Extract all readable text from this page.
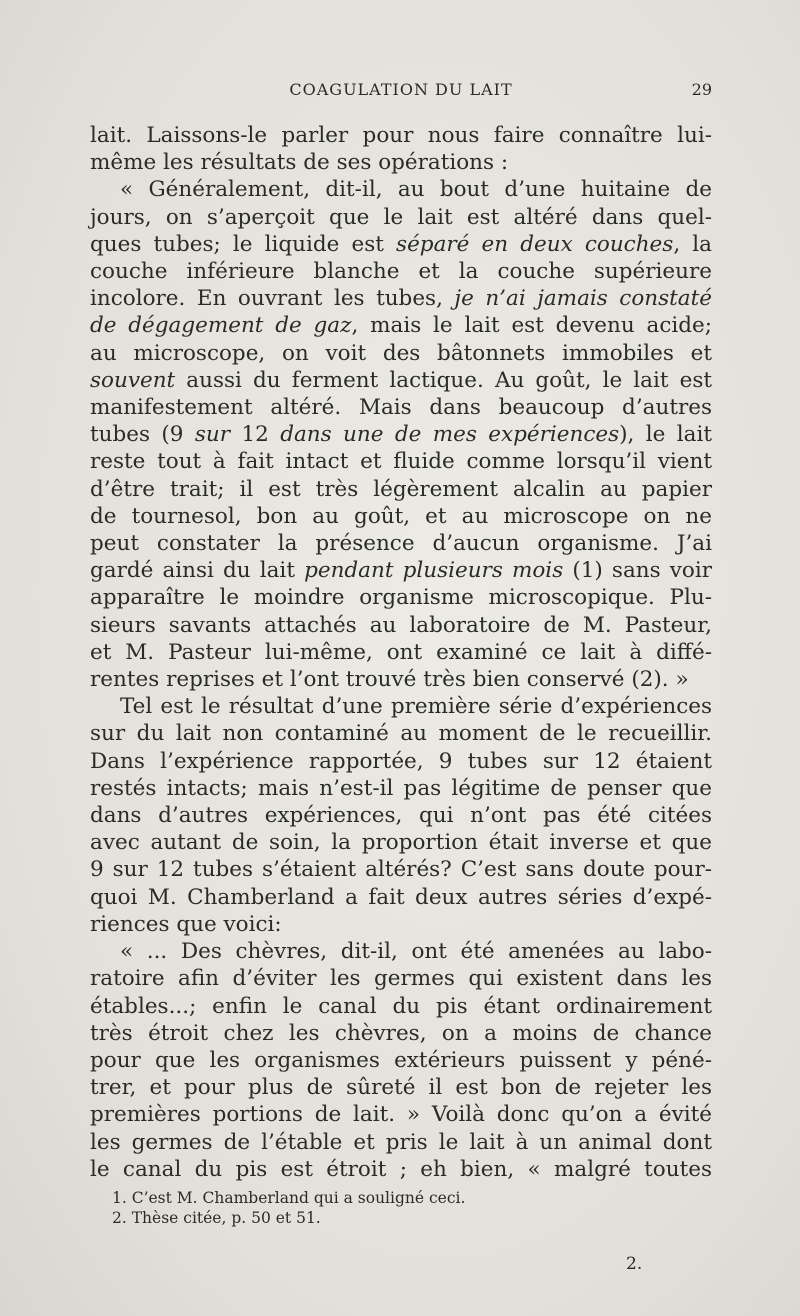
COAGULATION DU LAIT	29
lait. Laissons-le parler pour nous faire connaître lui-
même les résultats de ses opérations :
« Généralement, dit-il, au bout d’une huitaine de
jours, on s’aperçoit que le lait est altéré dans quel-
ques tubes; le liquide est séparé en deux couches, la
couche inférieure blanche et la couche supérieure
incolore. En ouvrant les tubes, je n’ai jamais constaté
de dégagement de gaz, mais le lait est devenu acide;
au microscope, on voit des bâtonnets immobiles et
souvent aussi du ferment lactique. Au goût, le lait est
manifestement altéré. Mais dans beaucoup d’autres
tubes (9 sur 12 dans une de mes expériences), le lait
reste tout à fait intact et fluide comme lorsqu’il vient
d’être trait; il est très légèrement alcalin au papier
de tournesol, bon au goût, et au microscope on ne
peut constater la présence d’aucun organisme. J’ai
gardé ainsi du lait pendant plusieurs mois (1) sans voir
apparaître le moindre organisme microscopique. Plu-
sieurs savants attachés au laboratoire de M. Pasteur,
et M. Pasteur lui-même, ont examiné ce lait à diffé-
rentes reprises et l’ont trouvé très bien conservé (2). »
Tel est le résultat d’une première série d’expériences
sur du lait non contaminé au moment de le recueillir.
Dans l’expérience rapportée, 9 tubes sur 12 étaient
restés intacts; mais n’est-il pas légitime de penser que
dans d’autres expériences, qui n’ont pas été citées
avec autant de soin, la proportion était inverse et que
9 sur 12 tubes s’étaient altérés? C’est sans doute pour-
quoi M. Chamberland a fait deux autres séries d’expé-
riences que voici:
« ... Des chèvres, dit-il, ont été amenées au labo-
ratoire afin d’éviter les germes qui existent dans les
étables...; enfin le canal du pis étant ordinairement
très étroit chez les chèvres, on a moins de chance
pour que les organismes extérieurs puissent y péné-
trer, et pour plus de sûreté il est bon de rejeter les
premières portions de lait. » Voilà donc qu’on a évité
les germes de l’étable et pris le lait à un animal dont
le canal du pis est étroit ; eh bien, « malgré toutes
1. C’est M. Chamberland qui a souligné ceci.
2. Thèse citée, p. 50 et 51.
2.
